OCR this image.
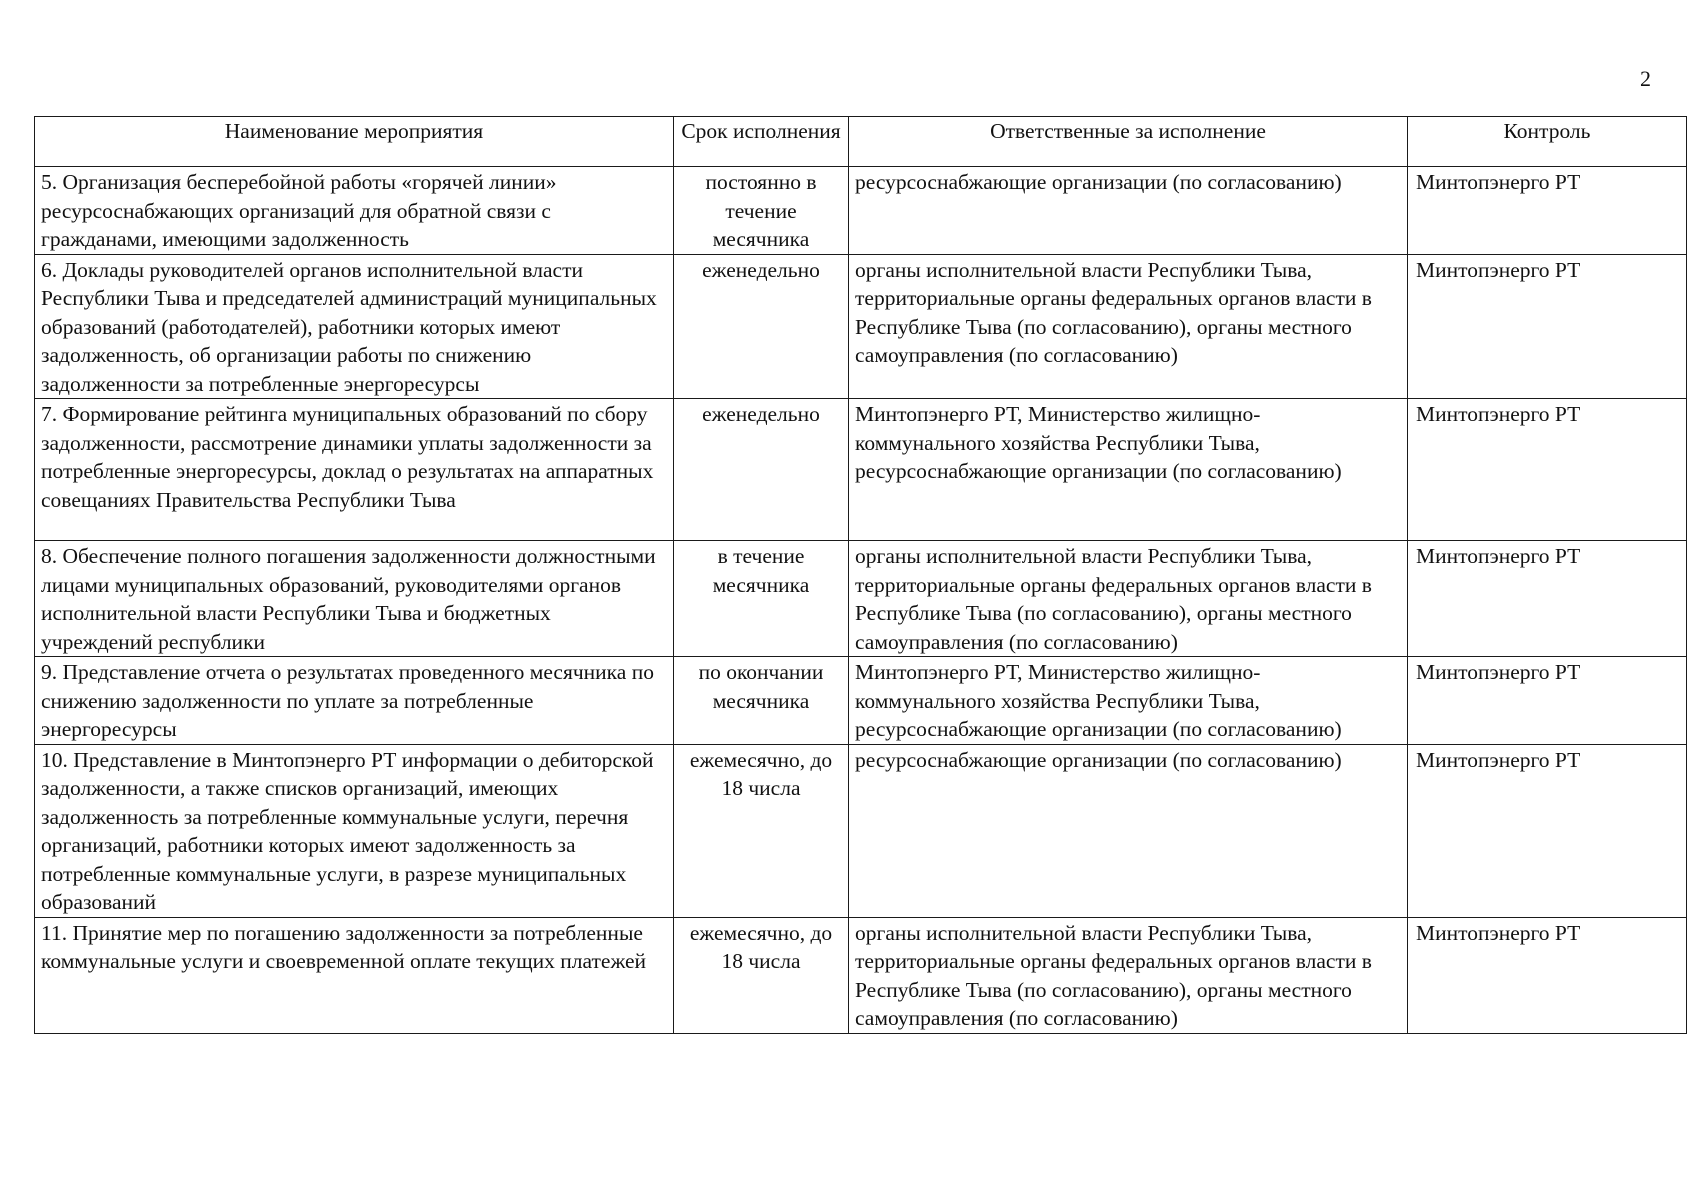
2
Наименование мероприятия	Срок исполнения	Ответственные за исполнение	Контроль
5. Организация бесперебойной работы «горячей линии» ресурсоснабжающих организаций для обратной связи с гражданами, имеющими задолженность	постоянно в течение месячника	ресурсоснабжающие организации (по согласованию)	Минтопэнерго РТ
6. Доклады руководителей органов исполнительной власти Республики Тыва и председателей администраций муниципальных образований (работодателей), работники которых имеют задолженность, об организации работы по снижению задолженности за потребленные энергоресурсы	еженедельно	органы исполнительной власти Республики Тыва, территориальные органы федеральных органов власти в Республике Тыва (по согласованию), органы местного самоуправления (по согласованию)	Минтопэнерго РТ
7. Формирование рейтинга муниципальных образований по сбору задолженности, рассмотрение динамики уплаты задолженности за потребленные энергоресурсы, доклад о результатах на аппаратных совещаниях Правительства Республики Тыва	еженедельно	Минтопэнерго РТ, Министерство жилищно-коммунального хозяйства Республики Тыва, ресурсоснабжающие организации (по согласованию)	Минтопэнерго РТ
8. Обеспечение полного погашения задолженности должностными лицами муниципальных образований, руководителями органов исполнительной власти Республики Тыва и бюджетных учреждений республики	в течение месячника	органы исполнительной власти Республики Тыва, территориальные органы федеральных органов власти в Республике Тыва (по согласованию), органы местного самоуправления (по согласованию)	Минтопэнерго РТ
9. Представление отчета о результатах проведенного месячника по снижению задолженности по уплате за потребленные энергоресурсы	по окончании месячника	Минтопэнерго РТ, Министерство жилищно-коммунального хозяйства Республики Тыва, ресурсоснабжающие организации (по согласованию)	Минтопэнерго РТ
10. Представление в Минтопэнерго РТ информации о дебиторской задолженности, а также списков организаций, имеющих задолженность за потребленные коммунальные услуги, перечня организаций, работники которых имеют задолженность за потребленные коммунальные услуги, в разрезе муниципальных образований	ежемесячно, до 18 числа	ресурсоснабжающие организации (по согласованию)	Минтопэнерго РТ
11. Принятие мер по погашению задолженности за потребленные коммунальные услуги и своевременной оплате текущих платежей	ежемесячно, до 18 числа	органы исполнительной власти Республики Тыва, территориальные органы федеральных органов власти в Республике Тыва (по согласованию), органы местного самоуправления (по согласованию)	Минтопэнерго РТ
